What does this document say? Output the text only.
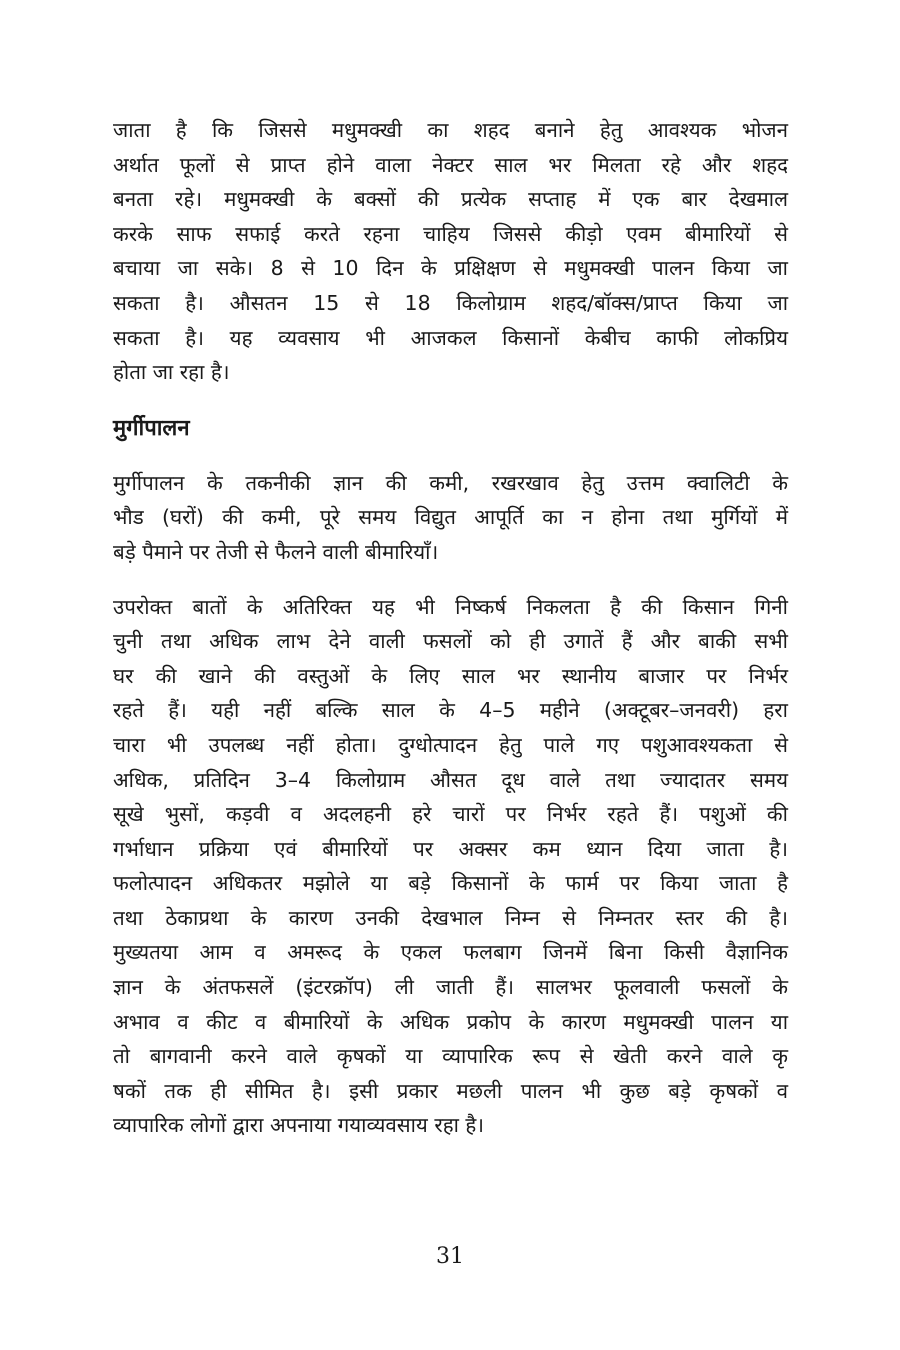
जाता है कि जिससे मधुमक्खी का शहद बनाने हेतु आवश्यक भोजन
अर्थात फूलों से प्राप्त होने वाला नेक्टर साल भर मिलता रहे और शहद
बनता रहे। मधुमक्खी के बक्सों की प्रत्येक सप्ताह में एक बार देखमाल
करके साफ सफाई करते रहना चाहिय जिससे कीड़ो एवम बीमारियों से
बचाया जा सके। 8 से 10 दिन के प्रक्षिक्षण से मधुमक्खी पालन किया जा
सकता है। औसतन 15 से 18 किलोग्राम शहद/बॉक्स/प्राप्त किया जा
सकता है। यह व्यवसाय भी आजकल किसानों केबीच काफी लोकप्रिय
होता जा रहा है।

मुर्गीपालन

मुर्गीपालन के तकनीकी ज्ञान की कमी, रखरखाव हेतु उत्तम क्वालिटी के
भौड (घरों) की कमी, पूरे समय विद्युत आपूर्ति का न होना तथा मुर्गियों में
बड़े पैमाने पर तेजी से फैलने वाली बीमारियाँ।

उपरोक्त बातों के अतिरिक्त यह भी निष्कर्ष निकलता है की किसान गिनी
चुनी तथा अधिक लाभ देने वाली फसलों को ही उगातें हैं और बाकी सभी
घर की खाने की वस्तुओं के लिए साल भर स्थानीय बाजार पर निर्भर
रहते हैं। यही नहीं बल्कि साल के 4–5 महीने (अक्टूबर–जनवरी) हरा
चारा भी उपलब्ध नहीं होता। दुग्धोत्पादन हेतु पाले गए पशुआवश्यकता से
अधिक, प्रतिदिन 3–4 किलोग्राम औसत दूध वाले तथा ज्यादातर समय
सूखे भुसों, कड़वी व अदलहनी हरे चारों पर निर्भर रहते हैं। पशुओं की
गर्भाधान प्रक्रिया एवं बीमारियों पर अक्सर कम ध्यान दिया जाता है।
फलोत्पादन अधिकतर मझोले या बड़े किसानों के फार्म पर किया जाता है
तथा ठेकाप्रथा के कारण उनकी देखभाल निम्न से निम्नतर स्तर की है।
मुख्यतया आम व अमरूद के एकल फलबाग जिनमें बिना किसी वैज्ञानिक
ज्ञान के अंतफसलें (इंटरक्रॉप) ली जाती हैं। सालभर फूलवाली फसलों के
अभाव व कीट व बीमारियों के अधिक प्रकोप के कारण मधुमक्खी पालन या
तो बागवानी करने वाले कृषकों या व्यापारिक रूप से खेती करने वाले कृ
षकों तक ही सीमित है। इसी प्रकार मछली पालन भी कुछ बड़े कृषकों व
व्यापारिक लोगों द्वारा अपनाया गयाव्यवसाय रहा है।

31
